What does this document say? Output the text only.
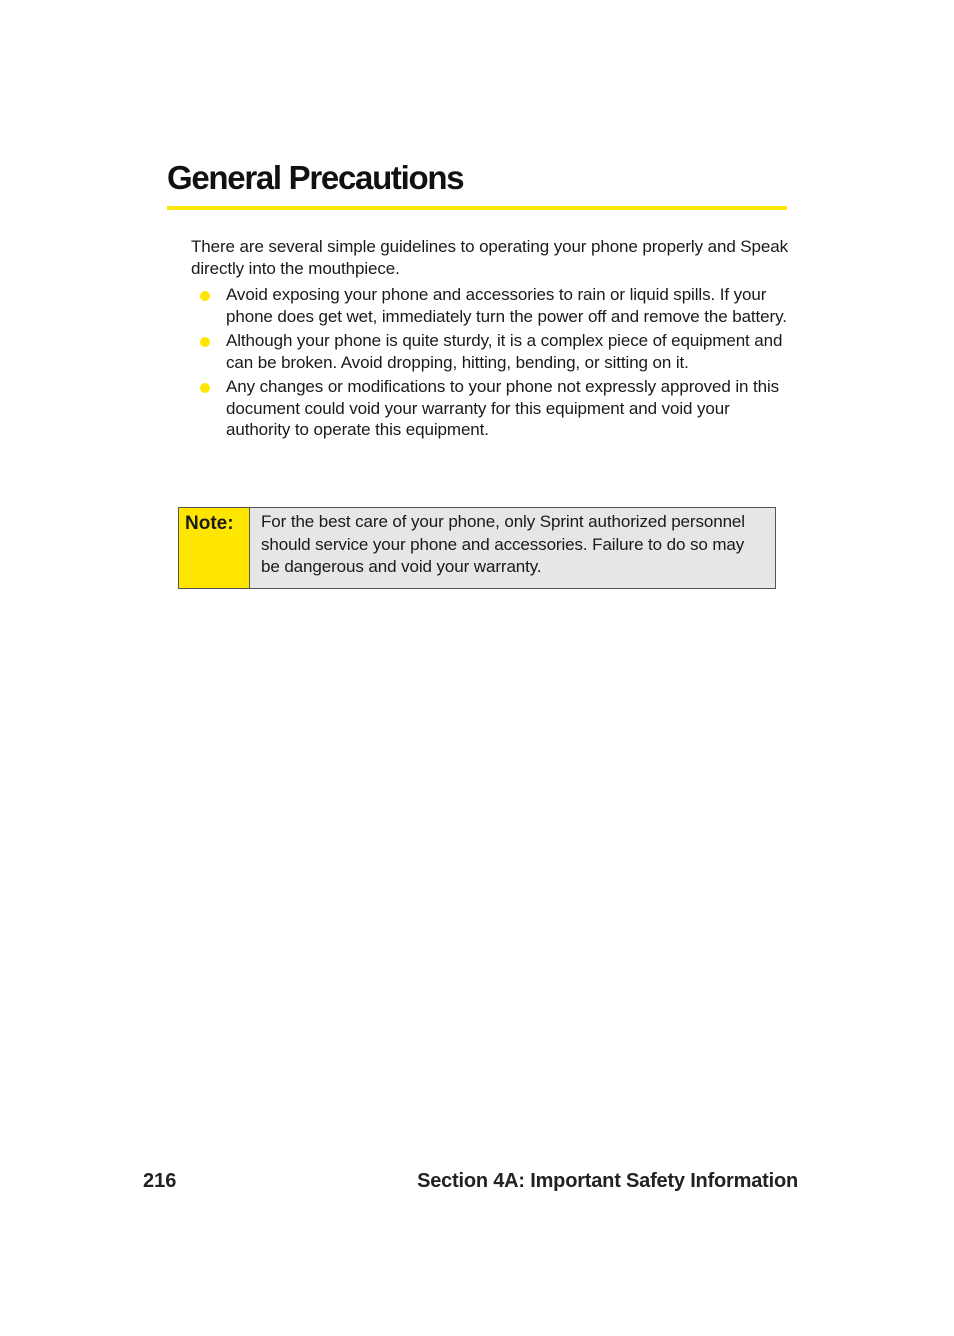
General Precautions

There are several simple guidelines to operating your phone properly and Speak directly into the mouthpiece.

Avoid exposing your phone and accessories to rain or liquid spills. If your phone does get wet, immediately turn the power off and remove the battery.
Although your phone is quite sturdy, it is a complex piece of equipment and can be broken. Avoid dropping, hitting, bending, or sitting on it.
Any changes or modifications to your phone not expressly approved in this document could void your warranty for this equipment and void your authority to operate this equipment.
Note:	For the best care of your phone, only Sprint authorized personnel should service your phone and accessories. Failure to do so may be dangerous and void your warranty.
216	Section 4A: Important Safety Information
